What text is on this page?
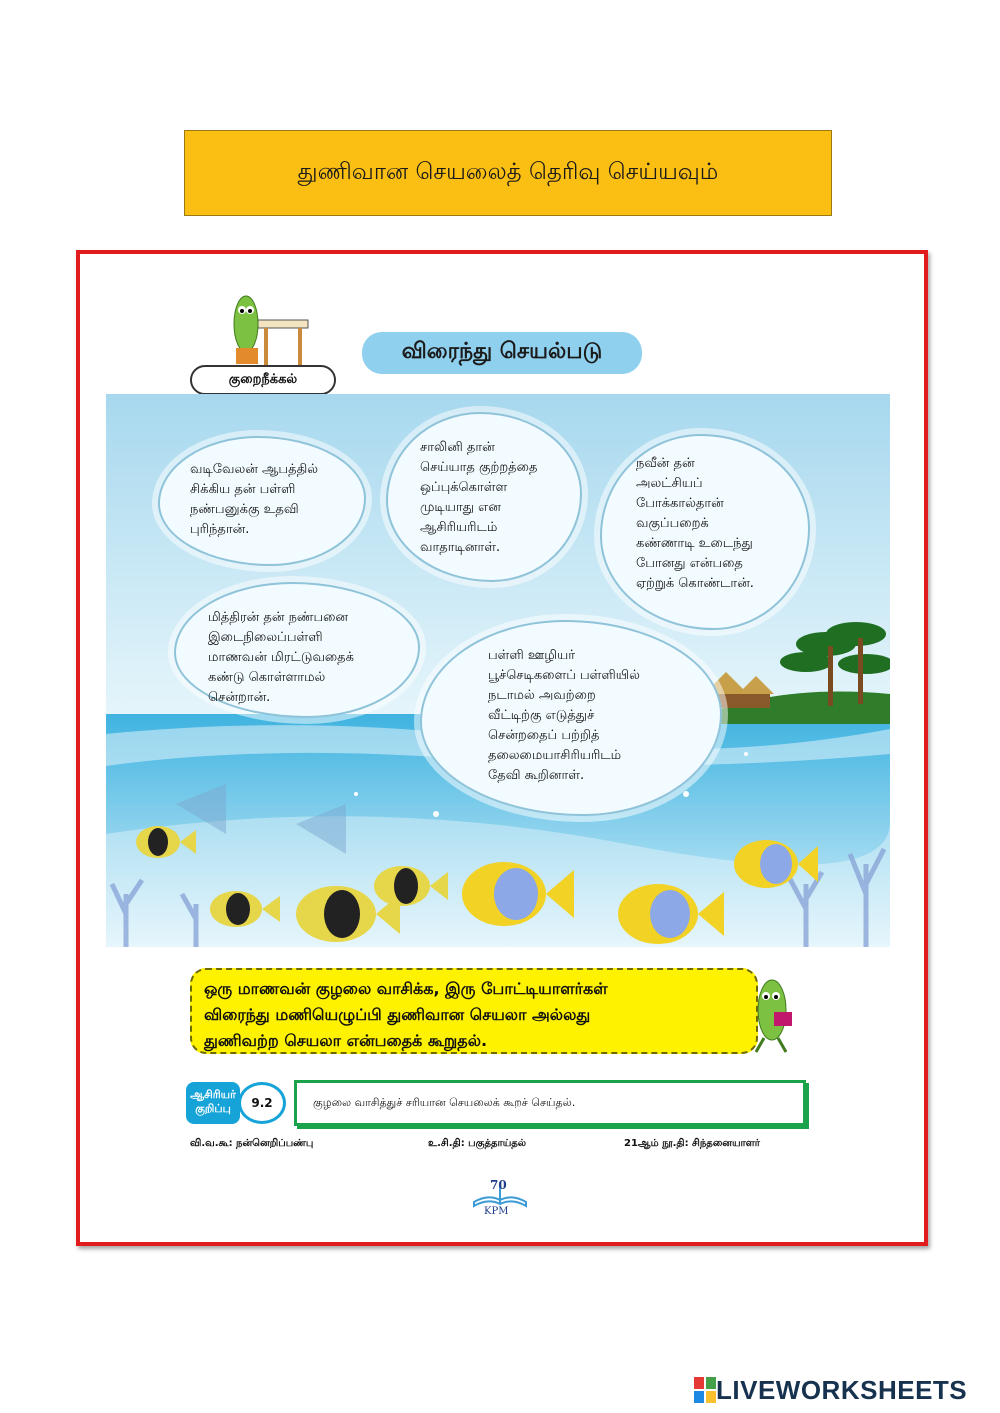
துணிவான செயலைத் தெரிவு செய்யவும்
குறைநீக்கல்
விரைந்து செயல்படு
வடிவேலன் ஆபத்தில்
சிக்கிய தன் பள்ளி
நண்பனுக்கு உதவி
புரிந்தான்.
சாலினி தான்
செய்யாத குற்றத்தை
ஒப்புக்கொள்ள
முடியாது என
ஆசிரியரிடம்
வாதாடினாள்.
நவீன் தன்
அலட்சியப்
போக்கால்தான்
வகுப்பறைக்
கண்ணாடி உடைந்து
போனது என்பதை
ஏற்றுக் கொண்டான்.
மித்திரன் தன் நண்பனை
இடைநிலைப்பள்ளி
மாணவன் மிரட்டுவதைக்
கண்டு கொள்ளாமல்
சென்றான்.
பள்ளி ஊழியர்
பூச்செடிகளைப் பள்ளியில்
நடாமல் அவற்றை
வீட்டிற்கு எடுத்துச்
சென்றதைப் பற்றித்
தலைமையாசிரியரிடம்
தேவி கூறினாள்.
ஒரு மாணவன் குழலை வாசிக்க, இரு போட்டியாளர்கள்
விரைந்து மணியெழுப்பி துணிவான செயலா அல்லது
துணிவற்ற செயலா என்பதைக் கூறுதல்.
ஆசிரியர்
குறிப்பு	9.2	குழலை வாசித்துச் சரியான செயலைக் கூறச் செய்தல்.
வி.வ.கூ: நன்னெறிப்பண்பு	உ.சி.தி: பகுத்தாய்தல்	21ஆம் நூ.தி: சிந்தனையாளர்
70
KPM
LIVEWORKSHEETS
